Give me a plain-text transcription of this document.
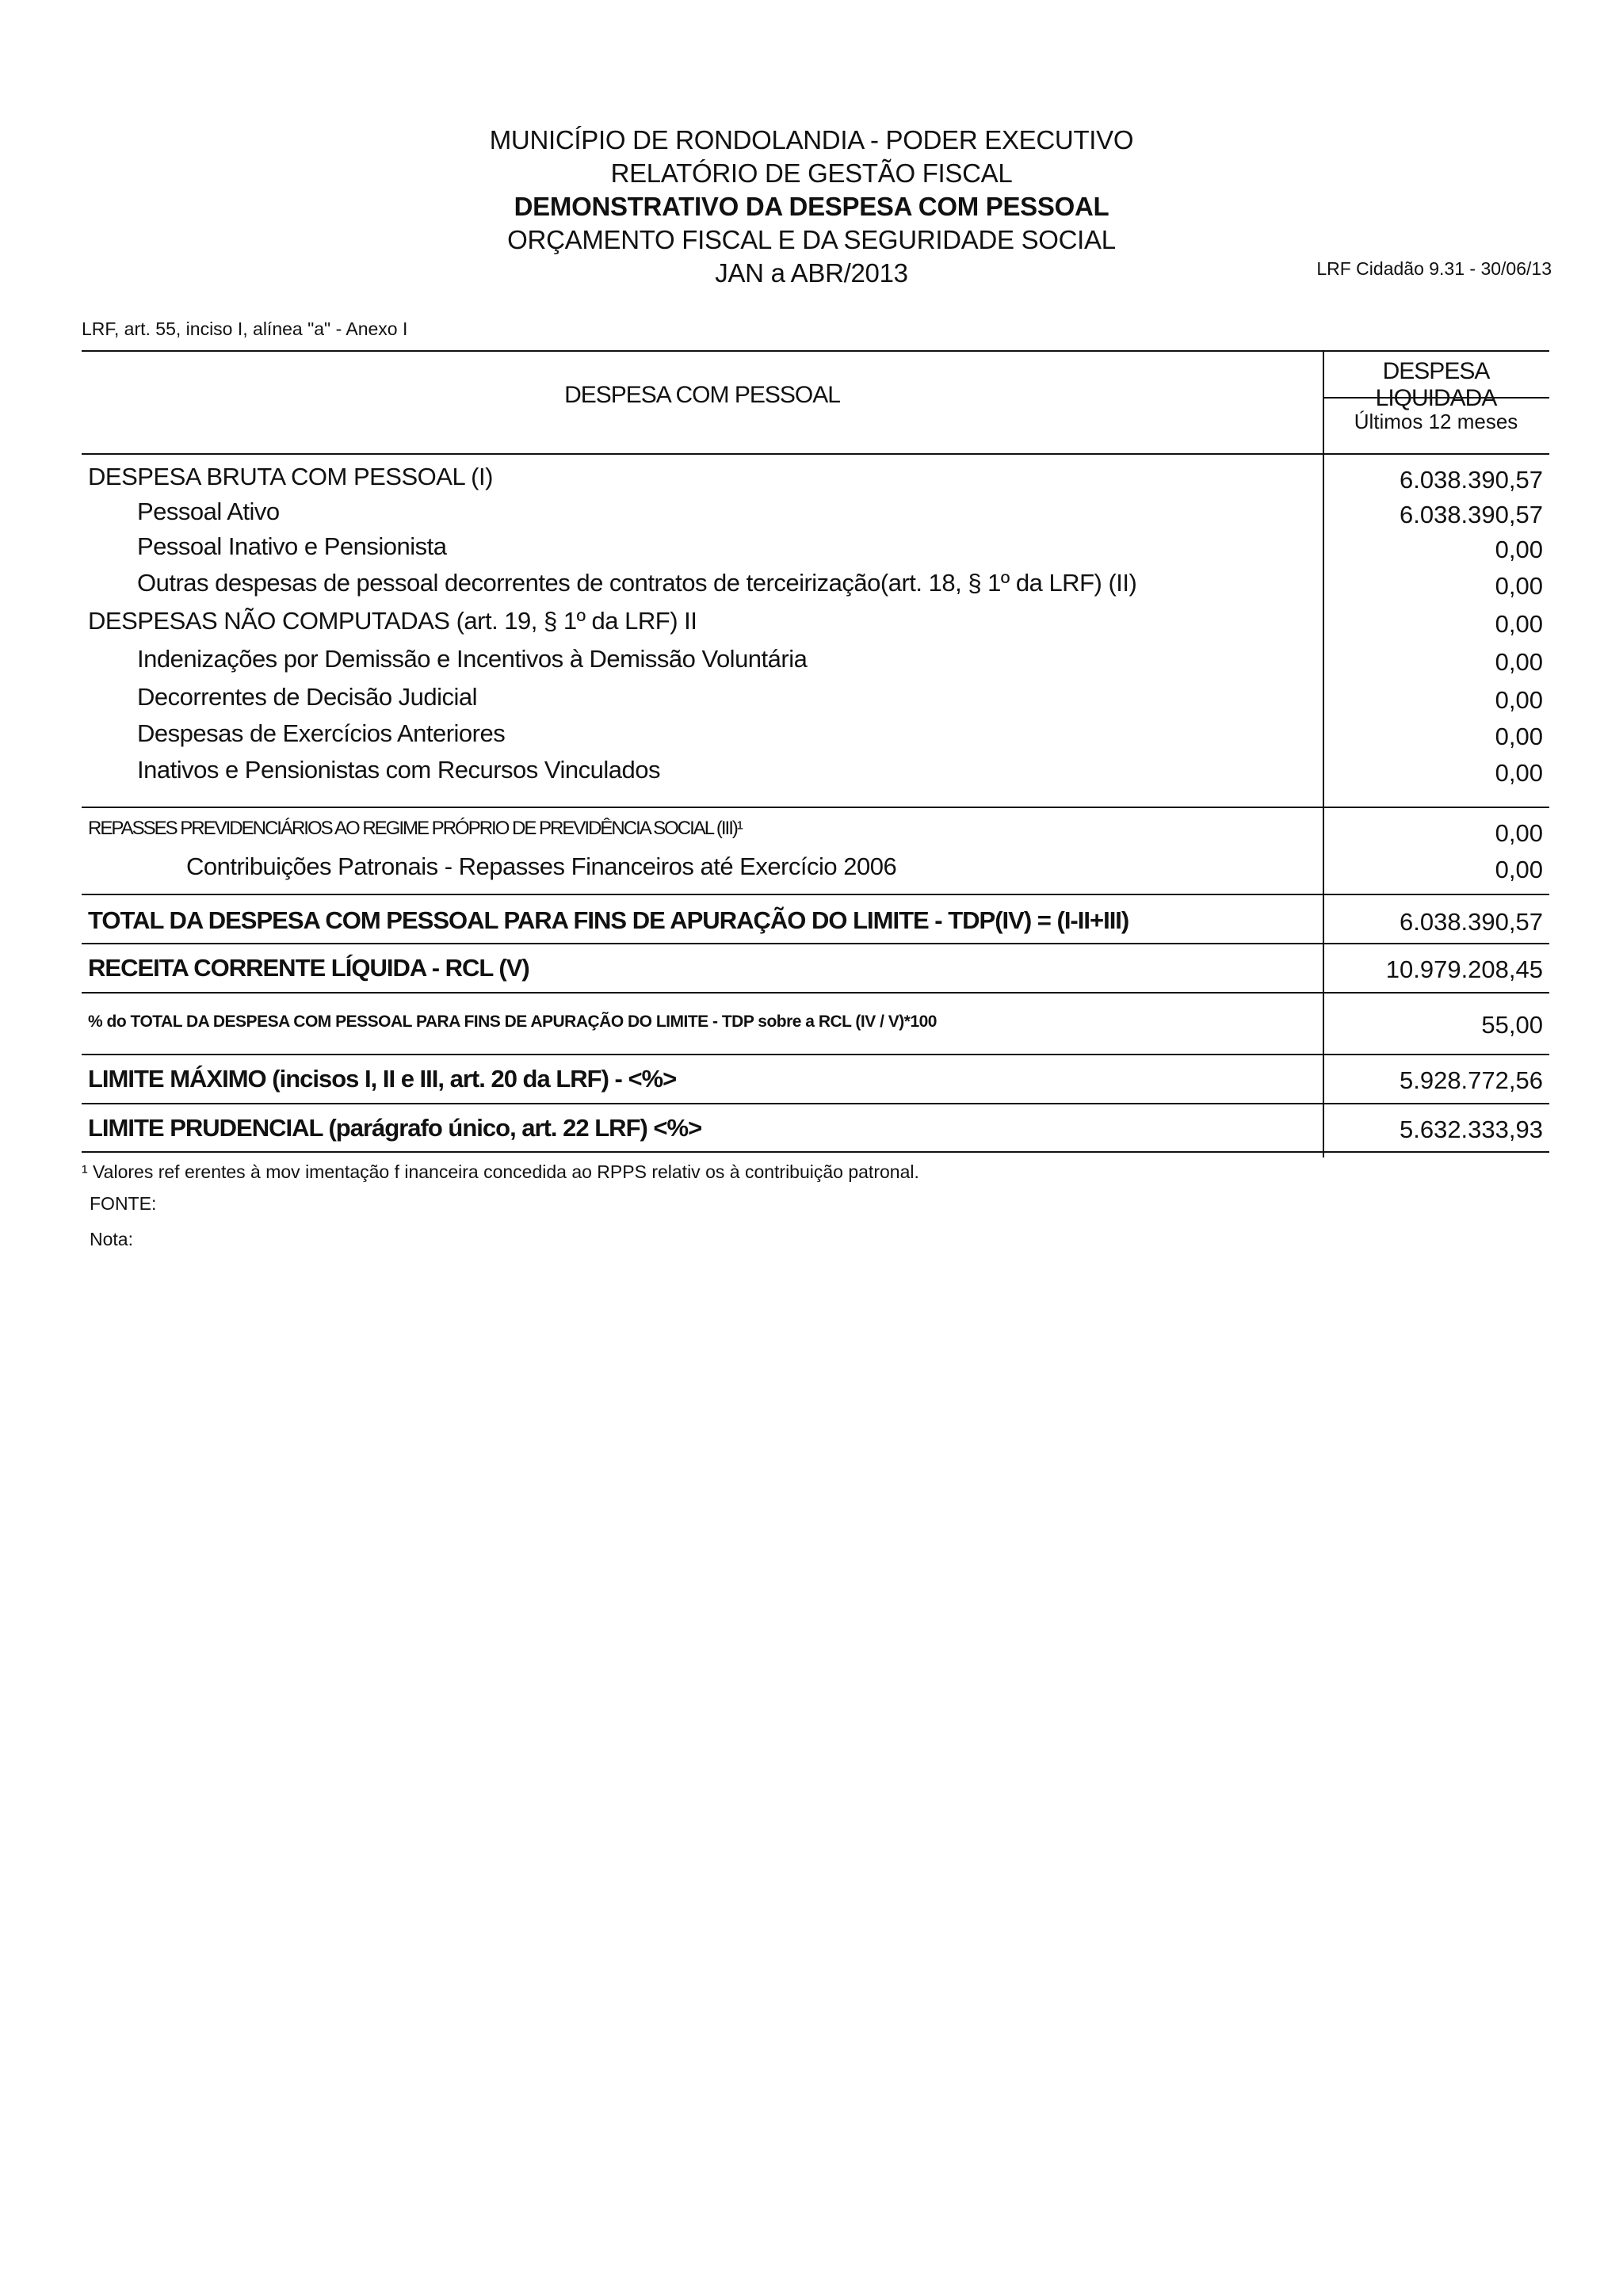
MUNICÍPIO DE RONDOLANDIA - PODER EXECUTIVO
RELATÓRIO DE GESTÃO FISCAL
DEMONSTRATIVO DA DESPESA COM PESSOAL
ORÇAMENTO FISCAL E DA SEGURIDADE SOCIAL
JAN a ABR/2013	LRF Cidadão 9.31 - 30/06/13
LRF, art. 55, inciso I, alínea "a" - Anexo I
DESPESA COM PESSOAL
DESPESA LIQUIDADA
Últimos 12 meses
DESPESA BRUTA COM PESSOAL (I)	6.038.390,57
Pessoal Ativo	6.038.390,57
Pessoal Inativo e Pensionista	0,00
Outras despesas de pessoal decorrentes de contratos de terceirização(art. 18, § 1º da LRF) (II)	0,00
DESPESAS NÃO COMPUTADAS (art. 19, § 1º da LRF) II	0,00
Indenizações por Demissão e Incentivos à Demissão Voluntária	0,00
Decorrentes de Decisão Judicial	0,00
Despesas de Exercícios Anteriores	0,00
Inativos e Pensionistas com Recursos Vinculados	0,00
REPASSES PREVIDENCIÁRIOS AO REGIME PRÓPRIO DE PREVIDÊNCIA SOCIAL (III)¹	0,00
Contribuições Patronais - Repasses Financeiros até Exercício 2006	0,00
TOTAL DA DESPESA COM PESSOAL PARA FINS DE APURAÇÃO DO LIMITE - TDP(IV) = (I-II+III)	6.038.390,57
RECEITA CORRENTE LÍQUIDA - RCL (V)	10.979.208,45
% do TOTAL DA DESPESA COM PESSOAL PARA FINS DE APURAÇÃO DO LIMITE - TDP sobre a RCL (IV / V)*100	55,00
LIMITE MÁXIMO (incisos I, II e III, art. 20 da LRF) - <%>	5.928.772,56
LIMITE PRUDENCIAL (parágrafo único, art. 22 LRF) <%>	5.632.333,93
¹ Valores ref erentes à mov imentação f inanceira concedida ao RPPS relativ os à contribuição patronal.
FONTE:
Nota:
